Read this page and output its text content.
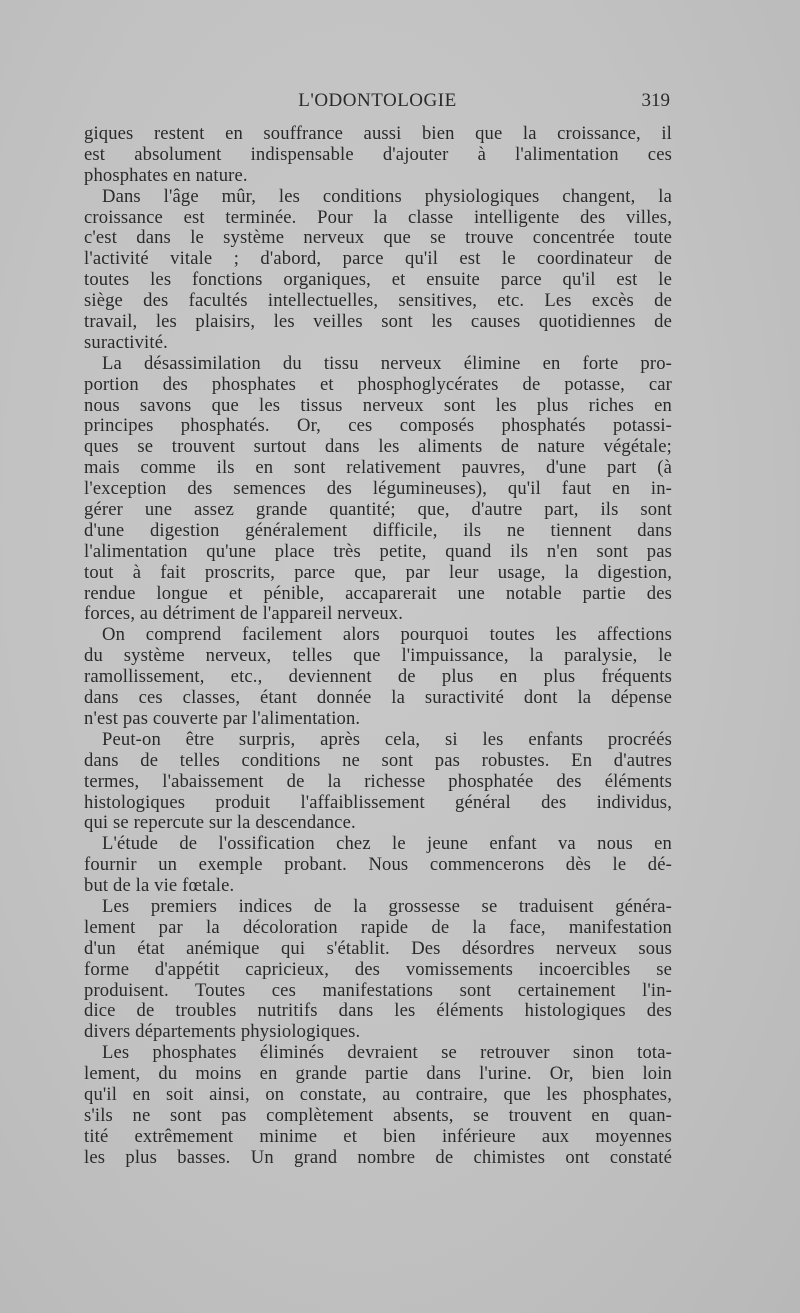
L'ODONTOLOGIE	319
giques restent en souffrance aussi bien que la croissance, il
est absolument indispensable d'ajouter à l'alimentation ces
phosphates en nature.
Dans l'âge mûr, les conditions physiologiques changent, la
croissance est terminée. Pour la classe intelligente des villes,
c'est dans le système nerveux que se trouve concentrée toute
l'activité vitale ; d'abord, parce qu'il est le coordinateur de
toutes les fonctions organiques, et ensuite parce qu'il est le
siège des facultés intellectuelles, sensitives, etc. Les excès de
travail, les plaisirs, les veilles sont les causes quotidiennes de
suractivité.
La désassimilation du tissu nerveux élimine en forte pro-
portion des phosphates et phosphoglycérates de potasse, car
nous savons que les tissus nerveux sont les plus riches en
principes phosphatés. Or, ces composés phosphatés potassi-
ques se trouvent surtout dans les aliments de nature végétale;
mais comme ils en sont relativement pauvres, d'une part (à
l'exception des semences des légumineuses), qu'il faut en in-
gérer une assez grande quantité; que, d'autre part, ils sont
d'une digestion généralement difficile, ils ne tiennent dans
l'alimentation qu'une place très petite, quand ils n'en sont pas
tout à fait proscrits, parce que, par leur usage, la digestion,
rendue longue et pénible, accaparerait une notable partie des
forces, au détriment de l'appareil nerveux.
On comprend facilement alors pourquoi toutes les affections
du système nerveux, telles que l'impuissance, la paralysie, le
ramollissement, etc., deviennent de plus en plus fréquents
dans ces classes, étant donnée la suractivité dont la dépense
n'est pas couverte par l'alimentation.
Peut-on être surpris, après cela, si les enfants procréés
dans de telles conditions ne sont pas robustes. En d'autres
termes, l'abaissement de la richesse phosphatée des éléments
histologiques produit l'affaiblissement général des individus,
qui se repercute sur la descendance.
L'étude de l'ossification chez le jeune enfant va nous en
fournir un exemple probant. Nous commencerons dès le dé-
but de la vie fœtale.
Les premiers indices de la grossesse se traduisent généra-
lement par la décoloration rapide de la face, manifestation
d'un état anémique qui s'établit. Des désordres nerveux sous
forme d'appétit capricieux, des vomissements incoercibles se
produisent. Toutes ces manifestations sont certainement l'in-
dice de troubles nutritifs dans les éléments histologiques des
divers départements physiologiques.
Les phosphates éliminés devraient se retrouver sinon tota-
lement, du moins en grande partie dans l'urine. Or, bien loin
qu'il en soit ainsi, on constate, au contraire, que les phosphates,
s'ils ne sont pas complètement absents, se trouvent en quan-
tité extrêmement minime et bien inférieure aux moyennes
les plus basses. Un grand nombre de chimistes ont constaté
